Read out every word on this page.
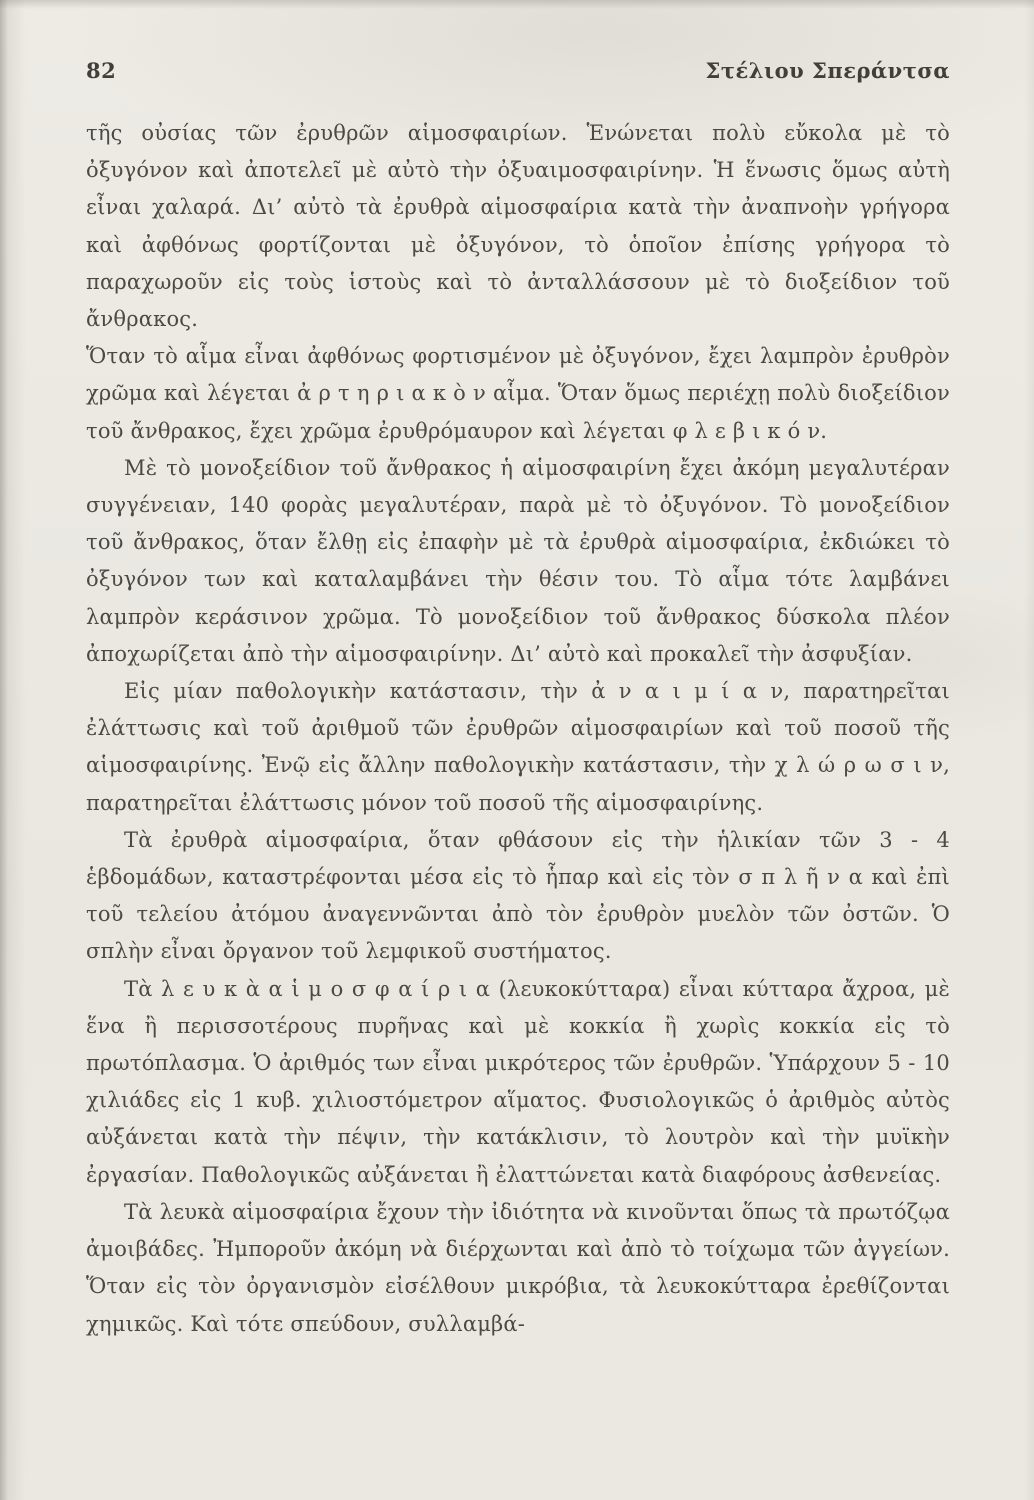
82	Στέλιου Σπεράντσα

τῆς οὐσίας τῶν ἐρυθρῶν αἱμοσφαιρίων. Ἑνώνεται πολὺ εὔκολα μὲ τὸ ὀξυγόνον καὶ ἀποτελεῖ μὲ αὐτὸ τὴν ὀξυαιμοσφαιρίνην. Ἡ ἕνωσις ὅμως αὐτὴ εἶναι χαλαρά. Δι’ αὐτὸ τὰ ἐρυθρὰ αἱμοσφαίρια κατὰ τὴν ἀναπνοὴν γρήγορα καὶ ἀφθόνως φορτίζονται μὲ ὀξυγόνον, τὸ ὁποῖον ἐπίσης γρήγορα τὸ παραχωροῦν εἰς τοὺς ἱστοὺς καὶ τὸ ἀνταλλάσσουν μὲ τὸ διοξείδιον τοῦ ἄνθρακος.

Ὅταν τὸ αἷμα εἶναι ἀφθόνως φορτισμένον μὲ ὀξυγόνον, ἔχει λαμπρὸν ἐρυθρὸν χρῶμα καὶ λέγεται ἀ ρ τ η ρ ι α κ ὸ ν αἷμα. Ὅταν ὅμως περιέχῃ πολὺ διοξείδιον τοῦ ἄνθρακος, ἔχει χρῶμα ἐρυθρόμαυρον καὶ λέγεται φ λ ε β ι κ ό ν.

Μὲ τὸ μονοξείδιον τοῦ ἄνθρακος ἡ αἱμοσφαιρίνη ἔχει ἀκόμη μεγαλυτέραν συγγένειαν, 140 φορὰς μεγαλυτέραν, παρὰ μὲ τὸ ὀξυγόνον. Τὸ μονοξείδιον τοῦ ἄνθρακος, ὅταν ἔλθῃ εἰς ἐπαφὴν μὲ τὰ ἐρυθρὰ αἱμοσφαίρια, ἐκδιώκει τὸ ὀξυγόνον των καὶ καταλαμβάνει τὴν θέσιν του. Τὸ αἷμα τότε λαμβάνει λαμπρὸν κεράσινον χρῶμα. Τὸ μονοξείδιον τοῦ ἄνθρακος δύσκολα πλέον ἀποχωρίζεται ἀπὸ τὴν αἱμοσφαιρίνην. Δι’ αὐτὸ καὶ προκαλεῖ τὴν ἀσφυξίαν.

Εἰς μίαν παθολογικὴν κατάστασιν, τὴν ἀ ν α ι μ ί α ν, παρατηρεῖται ἐλάττωσις καὶ τοῦ ἀριθμοῦ τῶν ἐρυθρῶν αἱμοσφαιρίων καὶ τοῦ ποσοῦ τῆς αἱμοσφαιρίνης. Ἐνῷ εἰς ἄλλην παθολογικὴν κατάστασιν, τὴν χ λ ώ ρ ω σ ι ν, παρατηρεῖται ἐλάττωσις μόνον τοῦ ποσοῦ τῆς αἱμοσφαιρίνης.

Τὰ ἐρυθρὰ αἱμοσφαίρια, ὅταν φθάσουν εἰς τὴν ἡλικίαν τῶν 3 - 4 ἑβδομάδων, καταστρέφονται μέσα εἰς τὸ ἧπαρ καὶ εἰς τὸν σ π λ ῆ ν α καὶ ἐπὶ τοῦ τελείου ἀτόμου ἀναγεννῶνται ἀπὸ τὸν ἐρυθρὸν μυελὸν τῶν ὀστῶν. Ὁ σπλὴν εἶναι ὄργανον τοῦ λεμφικοῦ συστήματος.

Τὰ λ ε υ κ ὰ α ἱ μ ο σ φ α ί ρ ι α (λευκοκύτταρα) εἶναι κύτταρα ἄχροα, μὲ ἕνα ἢ περισσοτέρους πυρῆνας καὶ μὲ κοκκία ἢ χωρὶς κοκκία εἰς τὸ πρωτόπλασμα. Ὁ ἀριθμός των εἶναι μικρότερος τῶν ἐρυθρῶν. Ὑπάρχουν 5 - 10 χιλιάδες εἰς 1 κυβ. χιλιοστόμετρον αἵματος. Φυσιολογικῶς ὁ ἀριθμὸς αὐτὸς αὐξάνεται κατὰ τὴν πέψιν, τὴν κατάκλισιν, τὸ λουτρὸν καὶ τὴν μυϊκὴν ἐργασίαν. Παθολογικῶς αὐξάνεται ἢ ἐλαττώνεται κατὰ διαφόρους ἀσθενείας.

Τὰ λευκὰ αἱμοσφαίρια ἔχουν τὴν ἰδιότητα νὰ κινοῦνται ὅπως τὰ πρωτόζῳα ἀμοιβάδες. Ἠμποροῦν ἀκόμη νὰ διέρχωνται καὶ ἀπὸ τὸ τοίχωμα τῶν ἀγγείων. Ὅταν εἰς τὸν ὀργανισμὸν εἰσέλθουν μικρόβια, τὰ λευκοκύτταρα ἐρεθίζονται χημικῶς. Καὶ τότε σπεύδουν, συλλαμβά-
